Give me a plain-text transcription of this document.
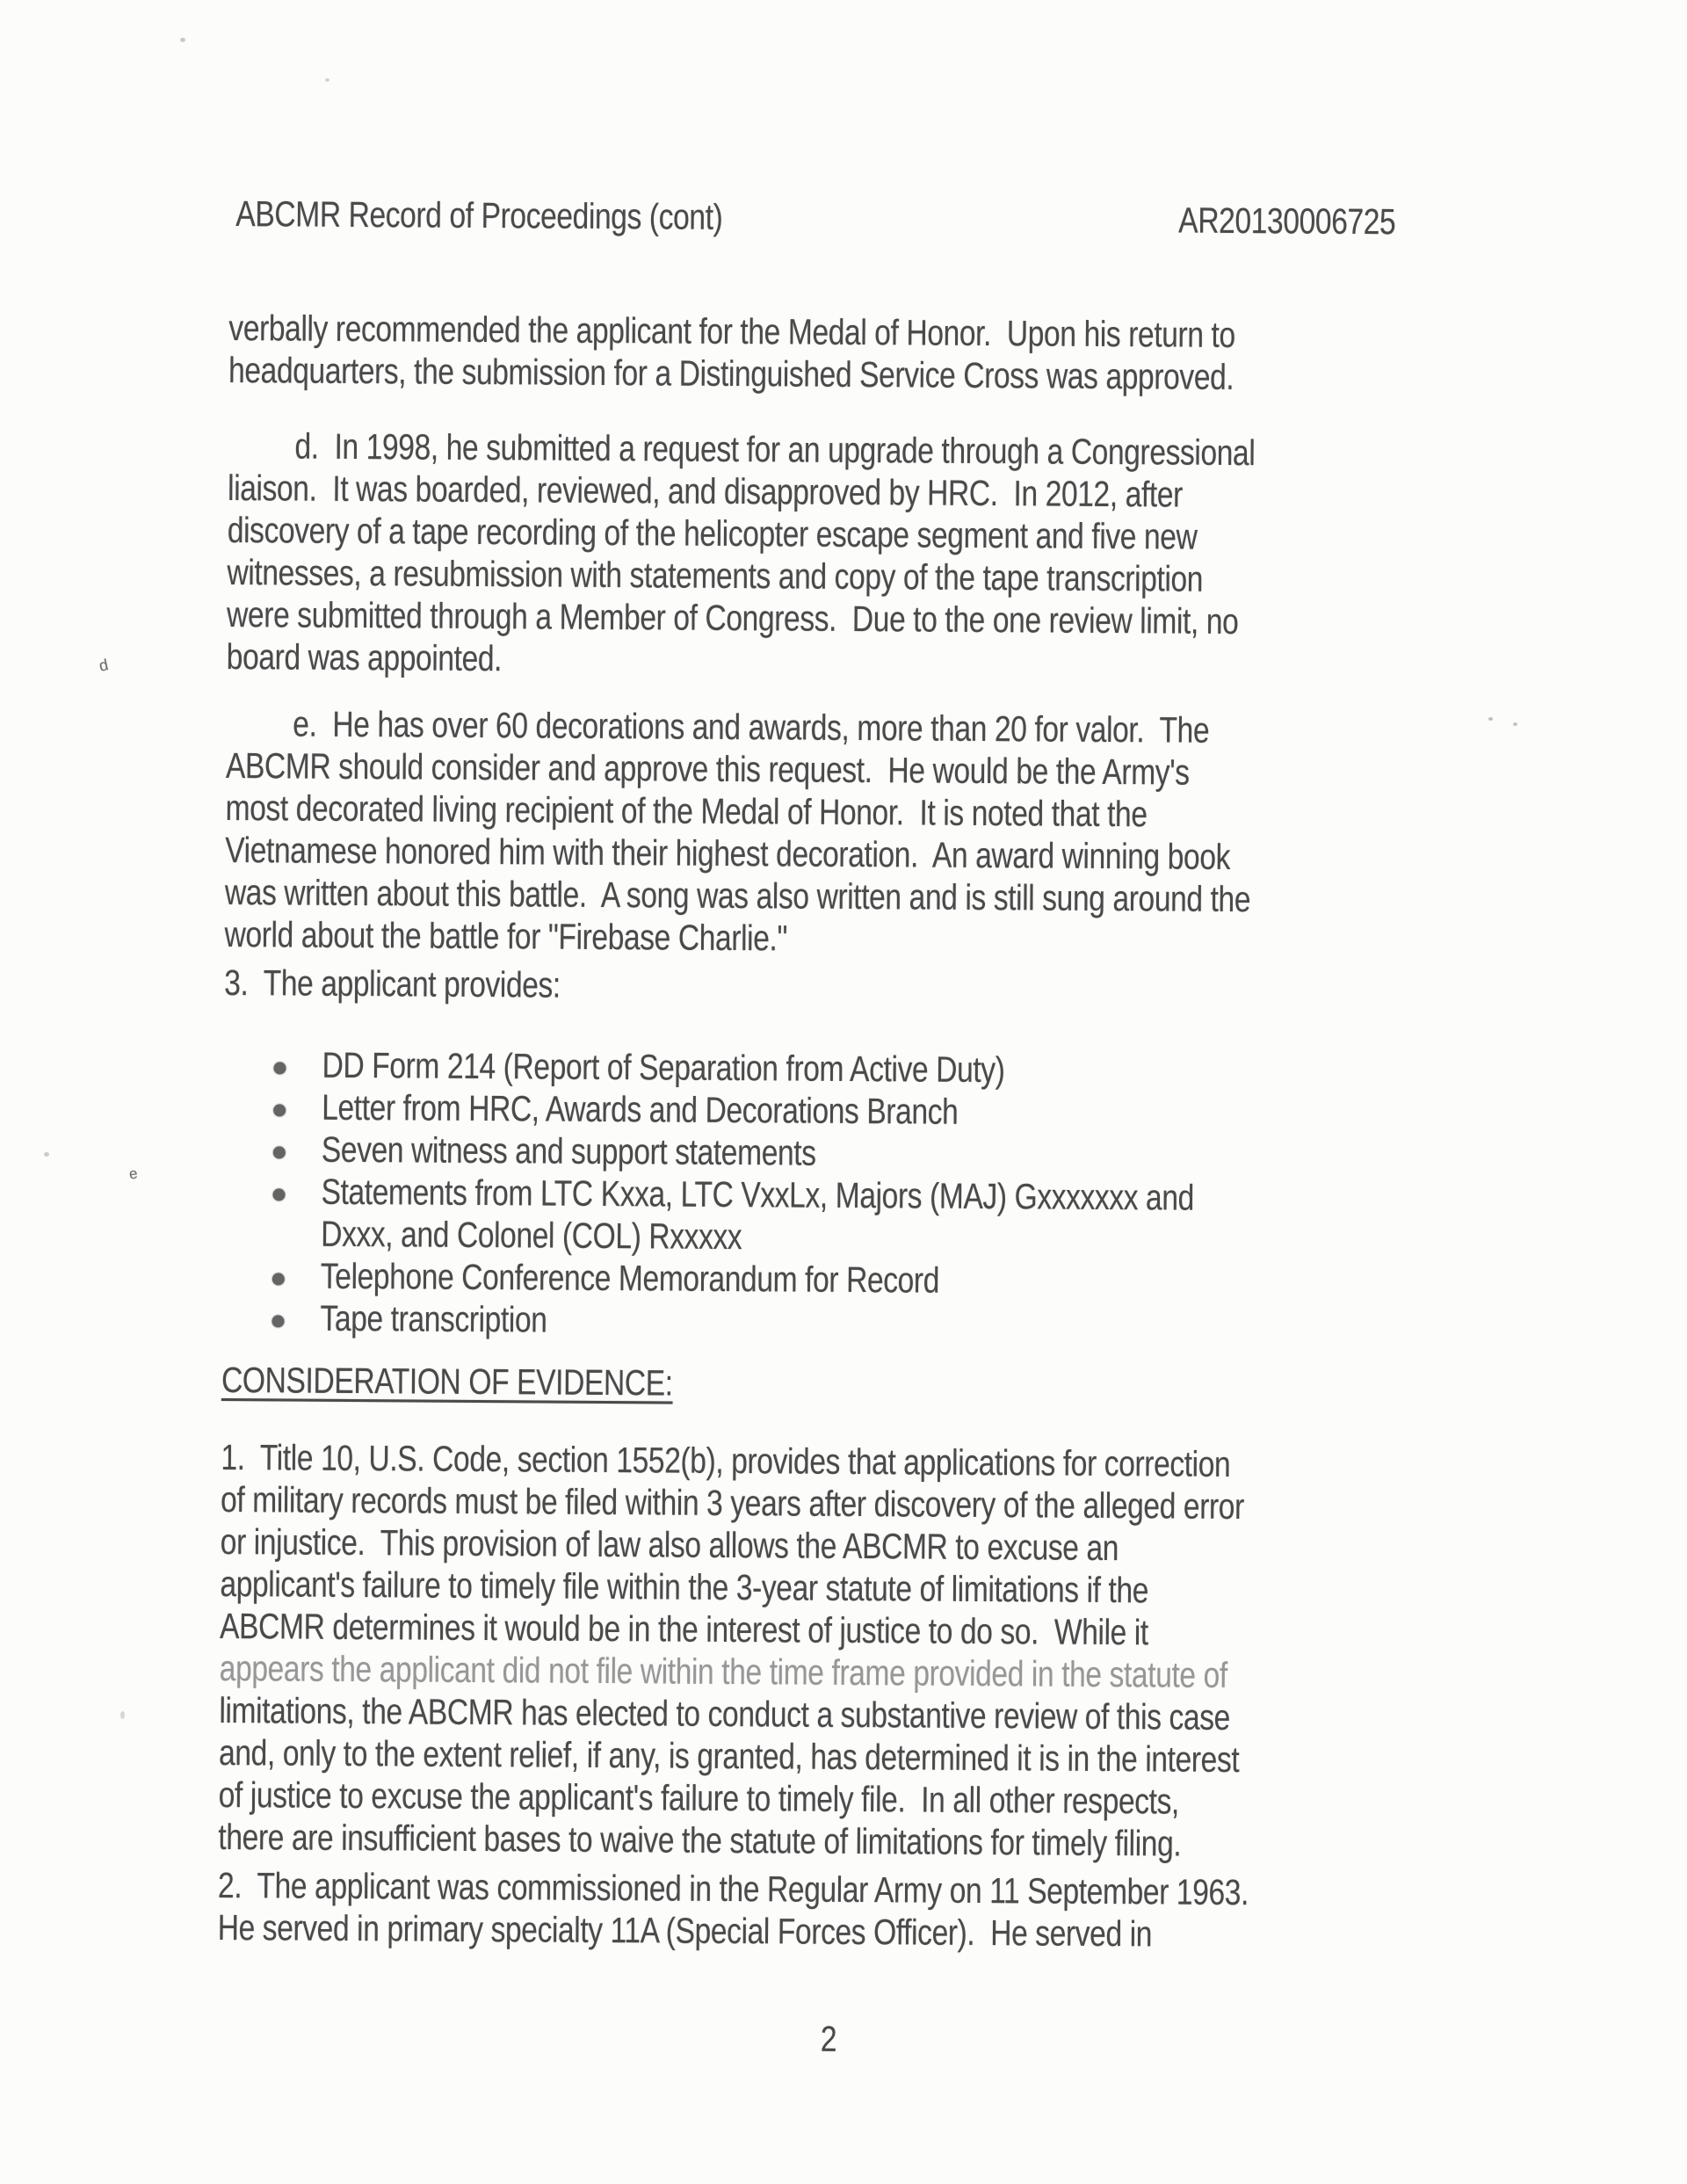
ABCMR Record of Proceedings (cont)	AR20130006725
verbally recommended the applicant for the Medal of Honor.  Upon his return to
headquarters, the submission for a Distinguished Service Cross was approved.
d.  In 1998, he submitted a request for an upgrade through a Congressional
liaison.  It was boarded, reviewed, and disapproved by HRC.  In 2012, after
discovery of a tape recording of the helicopter escape segment and five new
witnesses, a resubmission with statements and copy of the tape transcription
were submitted through a Member of Congress.  Due to the one review limit, no
board was appointed.
e.  He has over 60 decorations and awards, more than 20 for valor.  The
ABCMR should consider and approve this request.  He would be the Army's
most decorated living recipient of the Medal of Honor.  It is noted that the
Vietnamese honored him with their highest decoration.  An award winning book
was written about this battle.  A song was also written and is still sung around the
world about the battle for "Firebase Charlie."
3.  The applicant provides:
DD Form 214 (Report of Separation from Active Duty)
Letter from HRC, Awards and Decorations Branch
Seven witness and support statements
Statements from LTC Kxxa, LTC VxxLx, Majors (MAJ) Gxxxxxxx and
Dxxx, and Colonel (COL) Rxxxxx
Telephone Conference Memorandum for Record
Tape transcription
CONSIDERATION OF EVIDENCE:
1.  Title 10, U.S. Code, section 1552(b), provides that applications for correction
of military records must be filed within 3 years after discovery of the alleged error
or injustice.  This provision of law also allows the ABCMR to excuse an
applicant's failure to timely file within the 3-year statute of limitations if the
ABCMR determines it would be in the interest of justice to do so.  While it
appears the applicant did not file within the time frame provided in the statute of
limitations, the ABCMR has elected to conduct a substantive review of this case
and, only to the extent relief, if any, is granted, has determined it is in the interest
of justice to excuse the applicant's failure to timely file.  In all other respects,
there are insufficient bases to waive the statute of limitations for timely filing.
2.  The applicant was commissioned in the Regular Army on 11 September 1963.
He served in primary specialty 11A (Special Forces Officer).  He served in
2
d
e
